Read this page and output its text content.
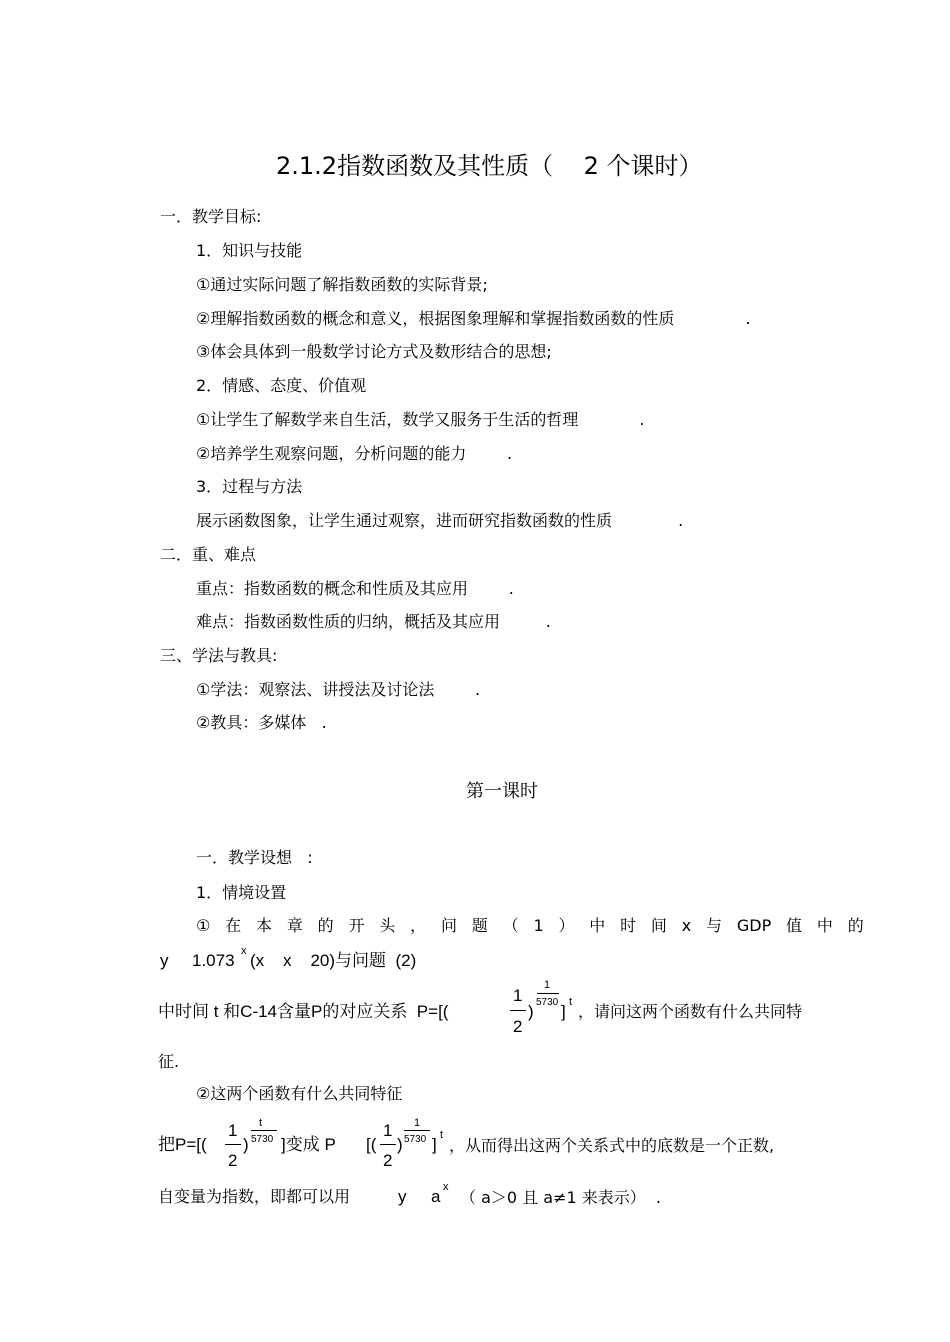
2.1.2指数函数及其性质（    2 个课时）
一．教学目标:
1．知识与技能
①通过实际问题了解指数函数的实际背景;
②理解指数函数的概念和意义，根据图象理解和掌握指数函数的性质              .
③体会具体到一般数学讨论方式及数形结合的思想;
2．情感、态度、价值观
①让学生了解数学来自生活，数学又服务于生活的哲理            .
②培养学生观察问题，分析问题的能力        .
3．过程与方法
展示函数图象，让学生通过观察，进而研究指数函数的性质             .
二．重、难点
重点：指数函数的概念和性质及其应用        .
难点：指数函数性质的归纳，概括及其应用         .
三、学法与教具:
①学法：观察法、讲授法及讨论法        .
②教具：多媒体   .
第一课时
一．教学设想   :
1．情境设置
① 在 本 章 的 开 头 ， 问 题 （ 1 ） 中 时 间 x 与 GDP 值 中 的
y 1.073 x (x    x    20)与问题  (2)
中时间 t 和C-14含量P的对应关系  P=[(
1
2
)
1
5730 ] t ，请问这两个函数有什么共同特
征.
②这两个函数有什么共同特征
把P=[(
1
2
)
t
5730 ]变成 P [(
1
2
)
1
5730 ] t
，从而得出这两个关系式中的底数是一个正数,
自变量为指数，即都可以用	y a x
（ a＞0 且 a≠1 来表示）  .
